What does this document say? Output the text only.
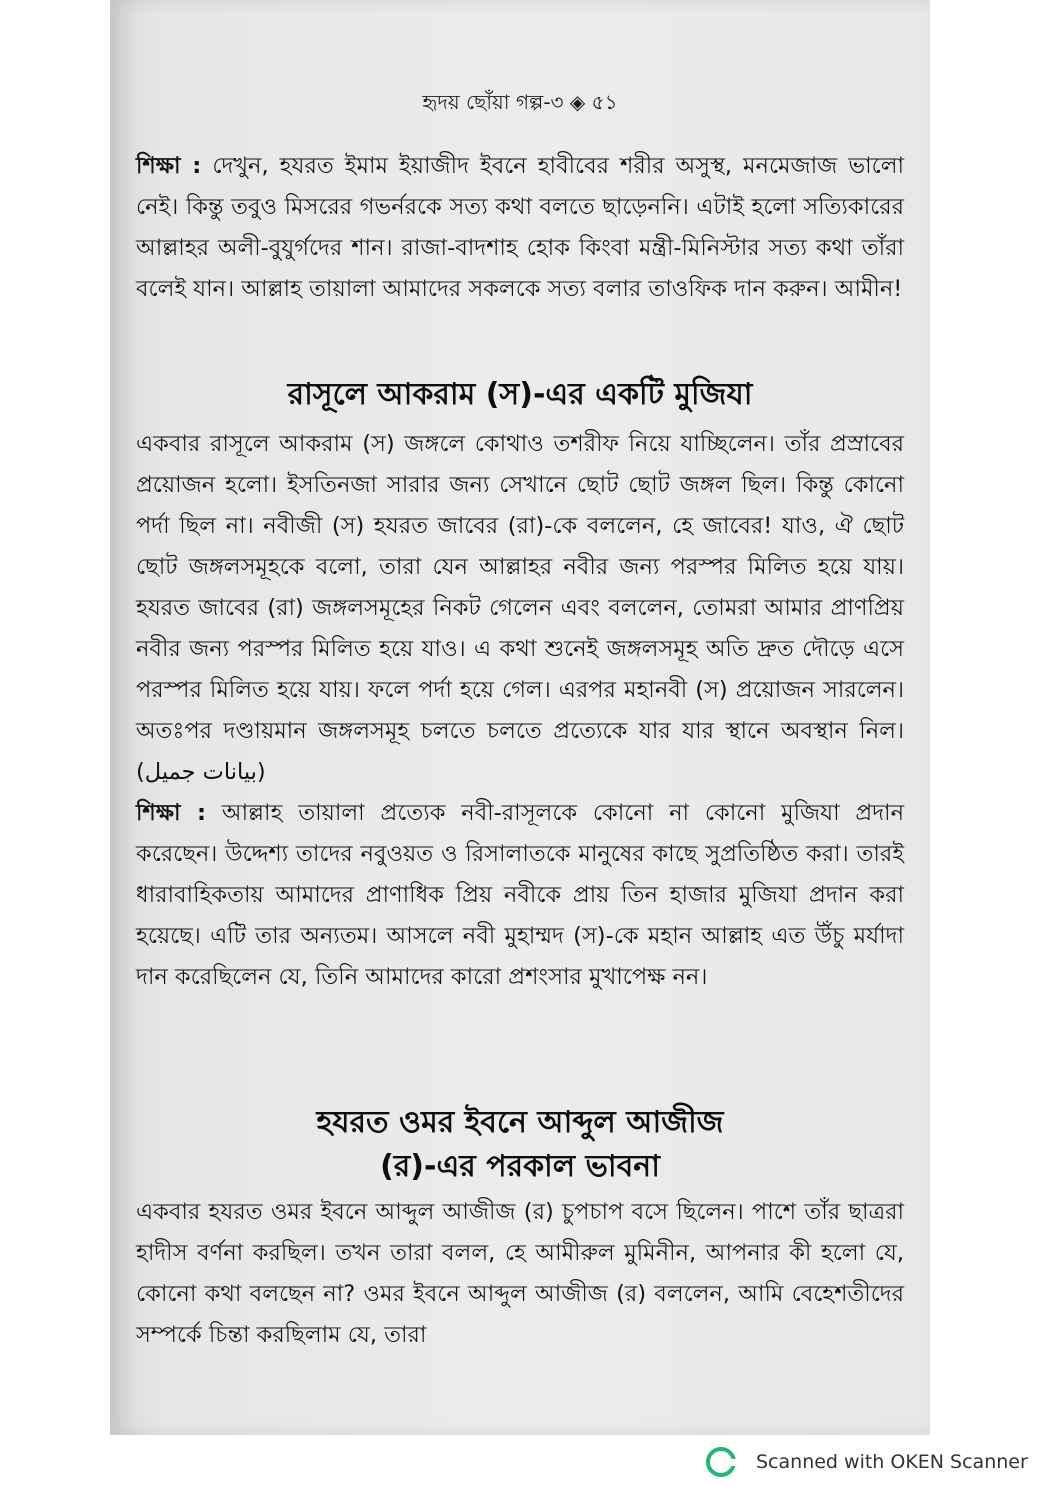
হৃদয় ছোঁয়া গল্প-৩ ◈ ৫১

শিক্ষা : দেখুন, হযরত ইমাম ইয়াজীদ ইবনে হাবীবের শরীর অসুস্থ, মনমেজাজ ভালো নেই। কিন্তু তবুও মিসরের গভর্নরকে সত্য কথা বলতে ছাড়েননি। এটাই হলো সত্যিকারের আল্লাহর অলী-বুযুর্গদের শান। রাজা-বাদশাহ হোক কিংবা মন্ত্রী-মিনিস্টার সত্য কথা তাঁরা বলেই যান। আল্লাহ তায়ালা আমাদের সকলকে সত্য বলার তাওফিক দান করুন। আমীন!

রাসূলে আকরাম (স)-এর একটি মুজিযা

একবার রাসূলে আকরাম (স) জঙ্গলে কোথাও তশরীফ নিয়ে যাচ্ছিলেন। তাঁর প্রস্রাবের প্রয়োজন হলো। ইসতিনজা সারার জন্য সেখানে ছোট ছোট জঙ্গল ছিল। কিন্তু কোনো পর্দা ছিল না। নবীজী (স) হযরত জাবের (রা)-কে বললেন, হে জাবের! যাও, ঐ ছোট ছোট জঙ্গলসমূহকে বলো, তারা যেন আল্লাহর নবীর জন্য পরস্পর মিলিত হয়ে যায়। হযরত জাবের (রা) জঙ্গলসমূহের নিকট গেলেন এবং বললেন, তোমরা আমার প্রাণপ্রিয় নবীর জন্য পরস্পর মিলিত হয়ে যাও। এ কথা শুনেই জঙ্গলসমূহ অতি দ্রুত দৌড়ে এসে পরস্পর মিলিত হয়ে যায়। ফলে পর্দা হয়ে গেল। এরপর মহানবী (স) প্রয়োজন সারলেন। অতঃপর দণ্ডায়মান জঙ্গলসমূহ চলতে চলতে প্রত্যেকে যার যার স্থানে অবস্থান নিল। (بیانات جمیل)

শিক্ষা : আল্লাহ তায়ালা প্রত্যেক নবী-রাসূলকে কোনো না কোনো মুজিযা প্রদান করেছেন। উদ্দেশ্য তাদের নবুওয়ত ও রিসালাতকে মানুষের কাছে সুপ্রতিষ্ঠিত করা। তারই ধারাবাহিকতায় আমাদের প্রাণাধিক প্রিয় নবীকে প্রায় তিন হাজার মুজিযা প্রদান করা হয়েছে। এটি তার অন্যতম। আসলে নবী মুহাম্মদ (স)-কে মহান আল্লাহ এত উঁচু মর্যাদা দান করেছিলেন যে, তিনি আমাদের কারো প্রশংসার মুখাপেক্ষ নন।

হযরত ওমর ইবনে আব্দুল আজীজ
(র)-এর পরকাল ভাবনা

একবার হযরত ওমর ইবনে আব্দুল আজীজ (র) চুপচাপ বসে ছিলেন। পাশে তাঁর ছাত্ররা হাদীস বর্ণনা করছিল। তখন তারা বলল, হে আমীরুল মুমিনীন, আপনার কী হলো যে, কোনো কথা বলছেন না? ওমর ইবনে আব্দুল আজীজ (র) বললেন, আমি বেহেশতীদের সম্পর্কে চিন্তা করছিলাম যে, তারা

Scanned with OKEN Scanner
